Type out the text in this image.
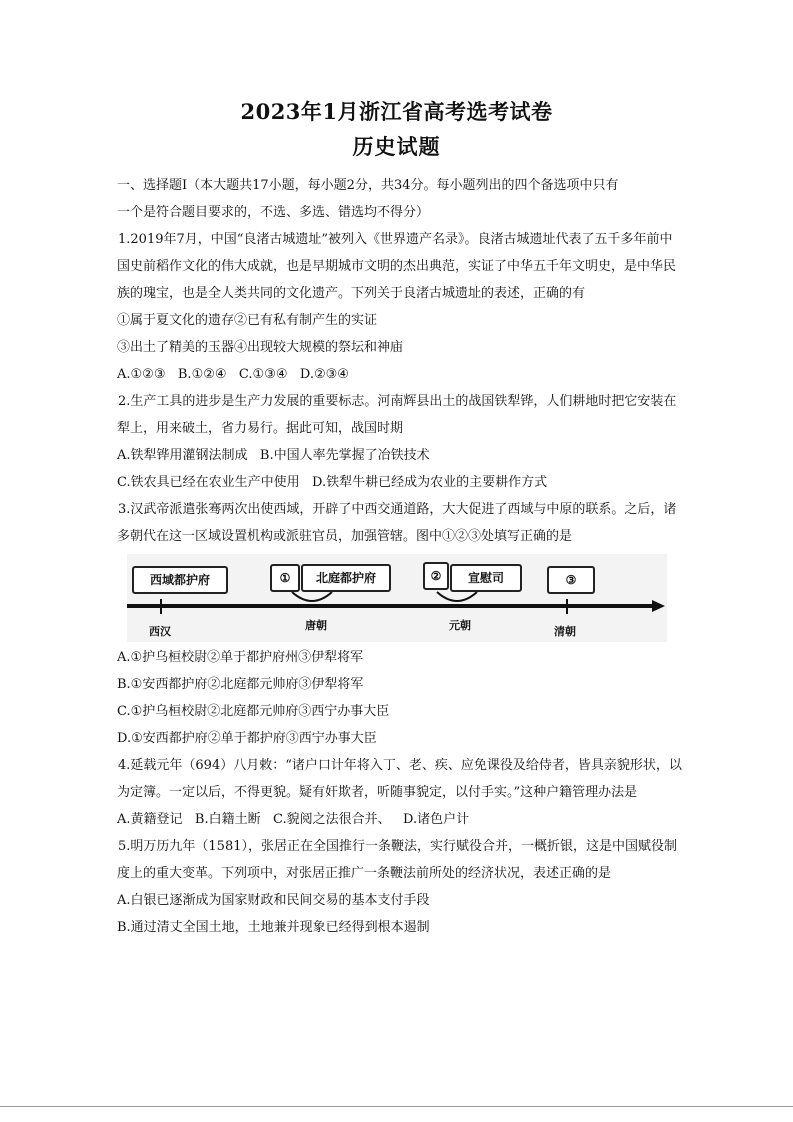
2023年1月浙江省高考选考试卷
历史试题

一、选择题Ⅰ（本大题共17小题，每小题2分，共34分。每小题列出的四个备选项中只有

一个是符合题目要求的，不选、多选、错选均不得分）

1.2019年7月，中国“良渚古城遗址”被列入《世界遗产名录》。良渚古城遗址代表了五千多年前中国史前稻作文化的伟大成就，也是早期城市文明的杰出典范，实证了中华五千年文明史，是中华民族的瑰宝，也是全人类共同的文化遗产。下列关于良渚古城遗址的表述，正确的有

①属于夏文化的遗存②已有私有制产生的实证

③出土了精美的玉器④出现较大规模的祭坛和神庙

A.①②③   B.①②④   C.①③④   D.②③④

2.生产工具的进步是生产力发展的重要标志。河南辉县出土的战国铁犁铧，人们耕地时把它安装在犁上，用来破土，省力易行。据此可知，战国时期

A.铁犁铧用灌钢法制成   B.中国人率先掌握了冶铁技术

C.铁农具已经在农业生产中使用   D.铁犁牛耕已经成为农业的主要耕作方式

3.汉武帝派遣张骞两次出使西域，开辟了中西交通道路，大大促进了西域与中原的联系。之后，诸多朝代在这一区域设置机构或派驻官员，加强管辖。图中①②③处填写正确的是

西域都护府	①	北庭都护府	②	宣慰司	③
西汉	唐朝	元朝	清朝

A.①护乌桓校尉②单于都护府州③伊犁将军

B.①安西都护府②北庭都元帅府③伊犁将军

C.①护乌桓校尉②北庭都元帅府③西宁办事大臣

D.①安西都护府②单于都护府③西宁办事大臣

4.延载元年（694）八月敕：“诸户口计年将入丁、老、疾、应免课役及给侍者，皆具亲貌形状，以为定簿。一定以后，不得更貌。疑有奸欺者，听随事貌定，以付手实。”这种户籍管理办法是

A.黄籍登记   B.白籍土断   C.貌阅之法很合并、   D.诸色户计

5.明万历九年（1581），张居正在全国推行一条鞭法，实行赋役合并，一概折银，这是中国赋役制度上的重大变革。下列项中，对张居正推广一条鞭法前所处的经济状况，表述正确的是

A.白银已逐渐成为国家财政和民间交易的基本支付手段

B.通过清丈全国土地，土地兼并现象已经得到根本遏制
